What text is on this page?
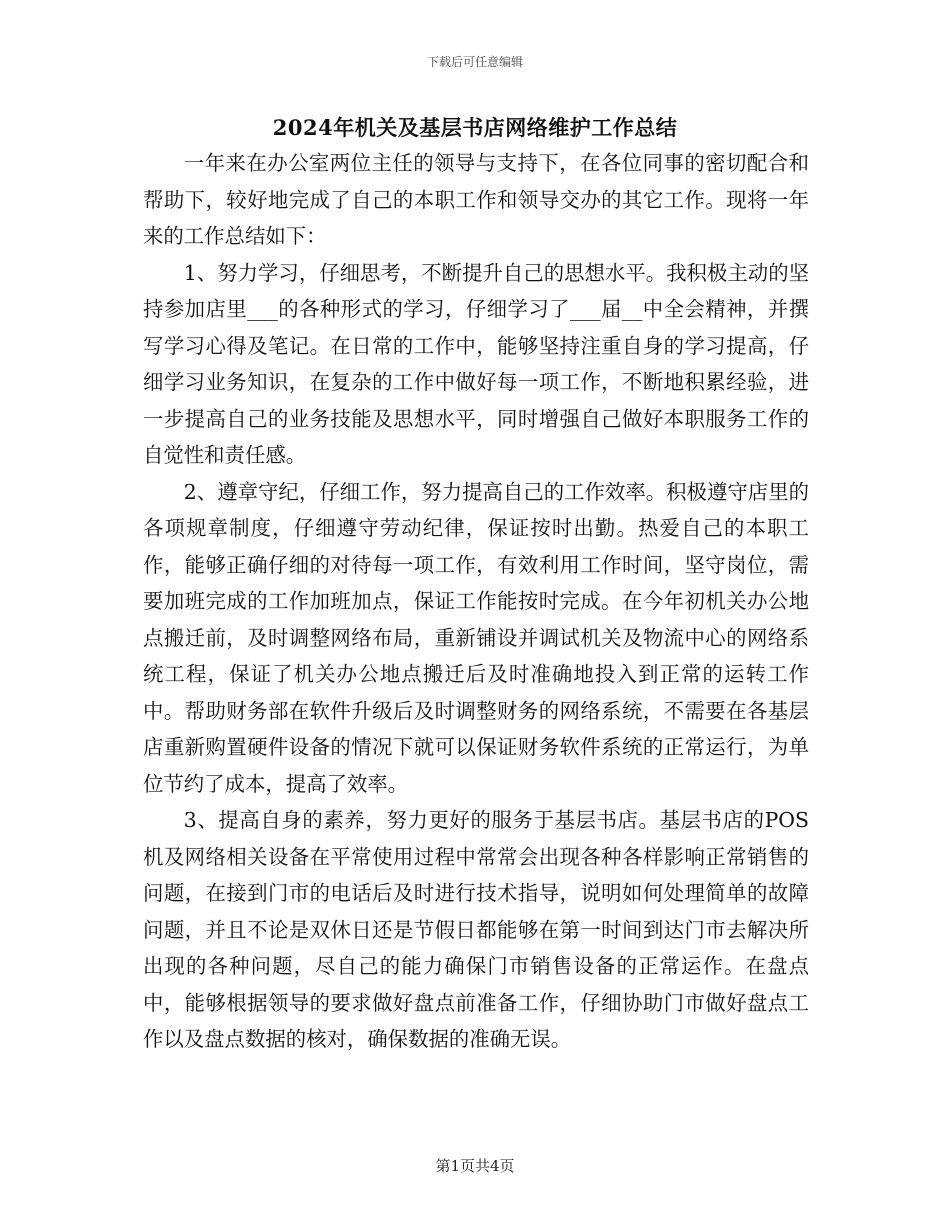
下载后可任意编辑
2024年机关及基层书店网络维护工作总结

一年来在办公室两位主任的领导与支持下，在各位同事的密切配合和帮助下，较好地完成了自己的本职工作和领导交办的其它工作。现将一年来的工作总结如下：

1、努力学习，仔细思考，不断提升自己的思想水平。我积极主动的坚持参加店里___的各种形式的学习，仔细学习了___届__中全会精神，并撰写学习心得及笔记。在日常的工作中，能够坚持注重自身的学习提高，仔细学习业务知识，在复杂的工作中做好每一项工作，不断地积累经验，进一步提高自己的业务技能及思想水平，同时增强自己做好本职服务工作的自觉性和责任感。

2、遵章守纪，仔细工作，努力提高自己的工作效率。积极遵守店里的各项规章制度，仔细遵守劳动纪律，保证按时出勤。热爱自己的本职工作，能够正确仔细的对待每一项工作，有效利用工作时间，坚守岗位，需要加班完成的工作加班加点，保证工作能按时完成。在今年初机关办公地点搬迁前，及时调整网络布局，重新铺设并调试机关及物流中心的网络系统工程，保证了机关办公地点搬迁后及时准确地投入到正常的运转工作中。帮助财务部在软件升级后及时调整财务的网络系统，不需要在各基层店重新购置硬件设备的情况下就可以保证财务软件系统的正常运行，为单位节约了成本，提高了效率。

3、提高自身的素养，努力更好的服务于基层书店。基层书店的POS机及网络相关设备在平常使用过程中常常会出现各种各样影响正常销售的问题，在接到门市的电话后及时进行技术指导，说明如何处理简单的故障问题，并且不论是双休日还是节假日都能够在第一时间到达门市去解决所出现的各种问题，尽自己的能力确保门市销售设备的正常运作。在盘点中，能够根据领导的要求做好盘点前准备工作，仔细协助门市做好盘点工作以及盘点数据的核对，确保数据的准确无误。

第1页共4页
